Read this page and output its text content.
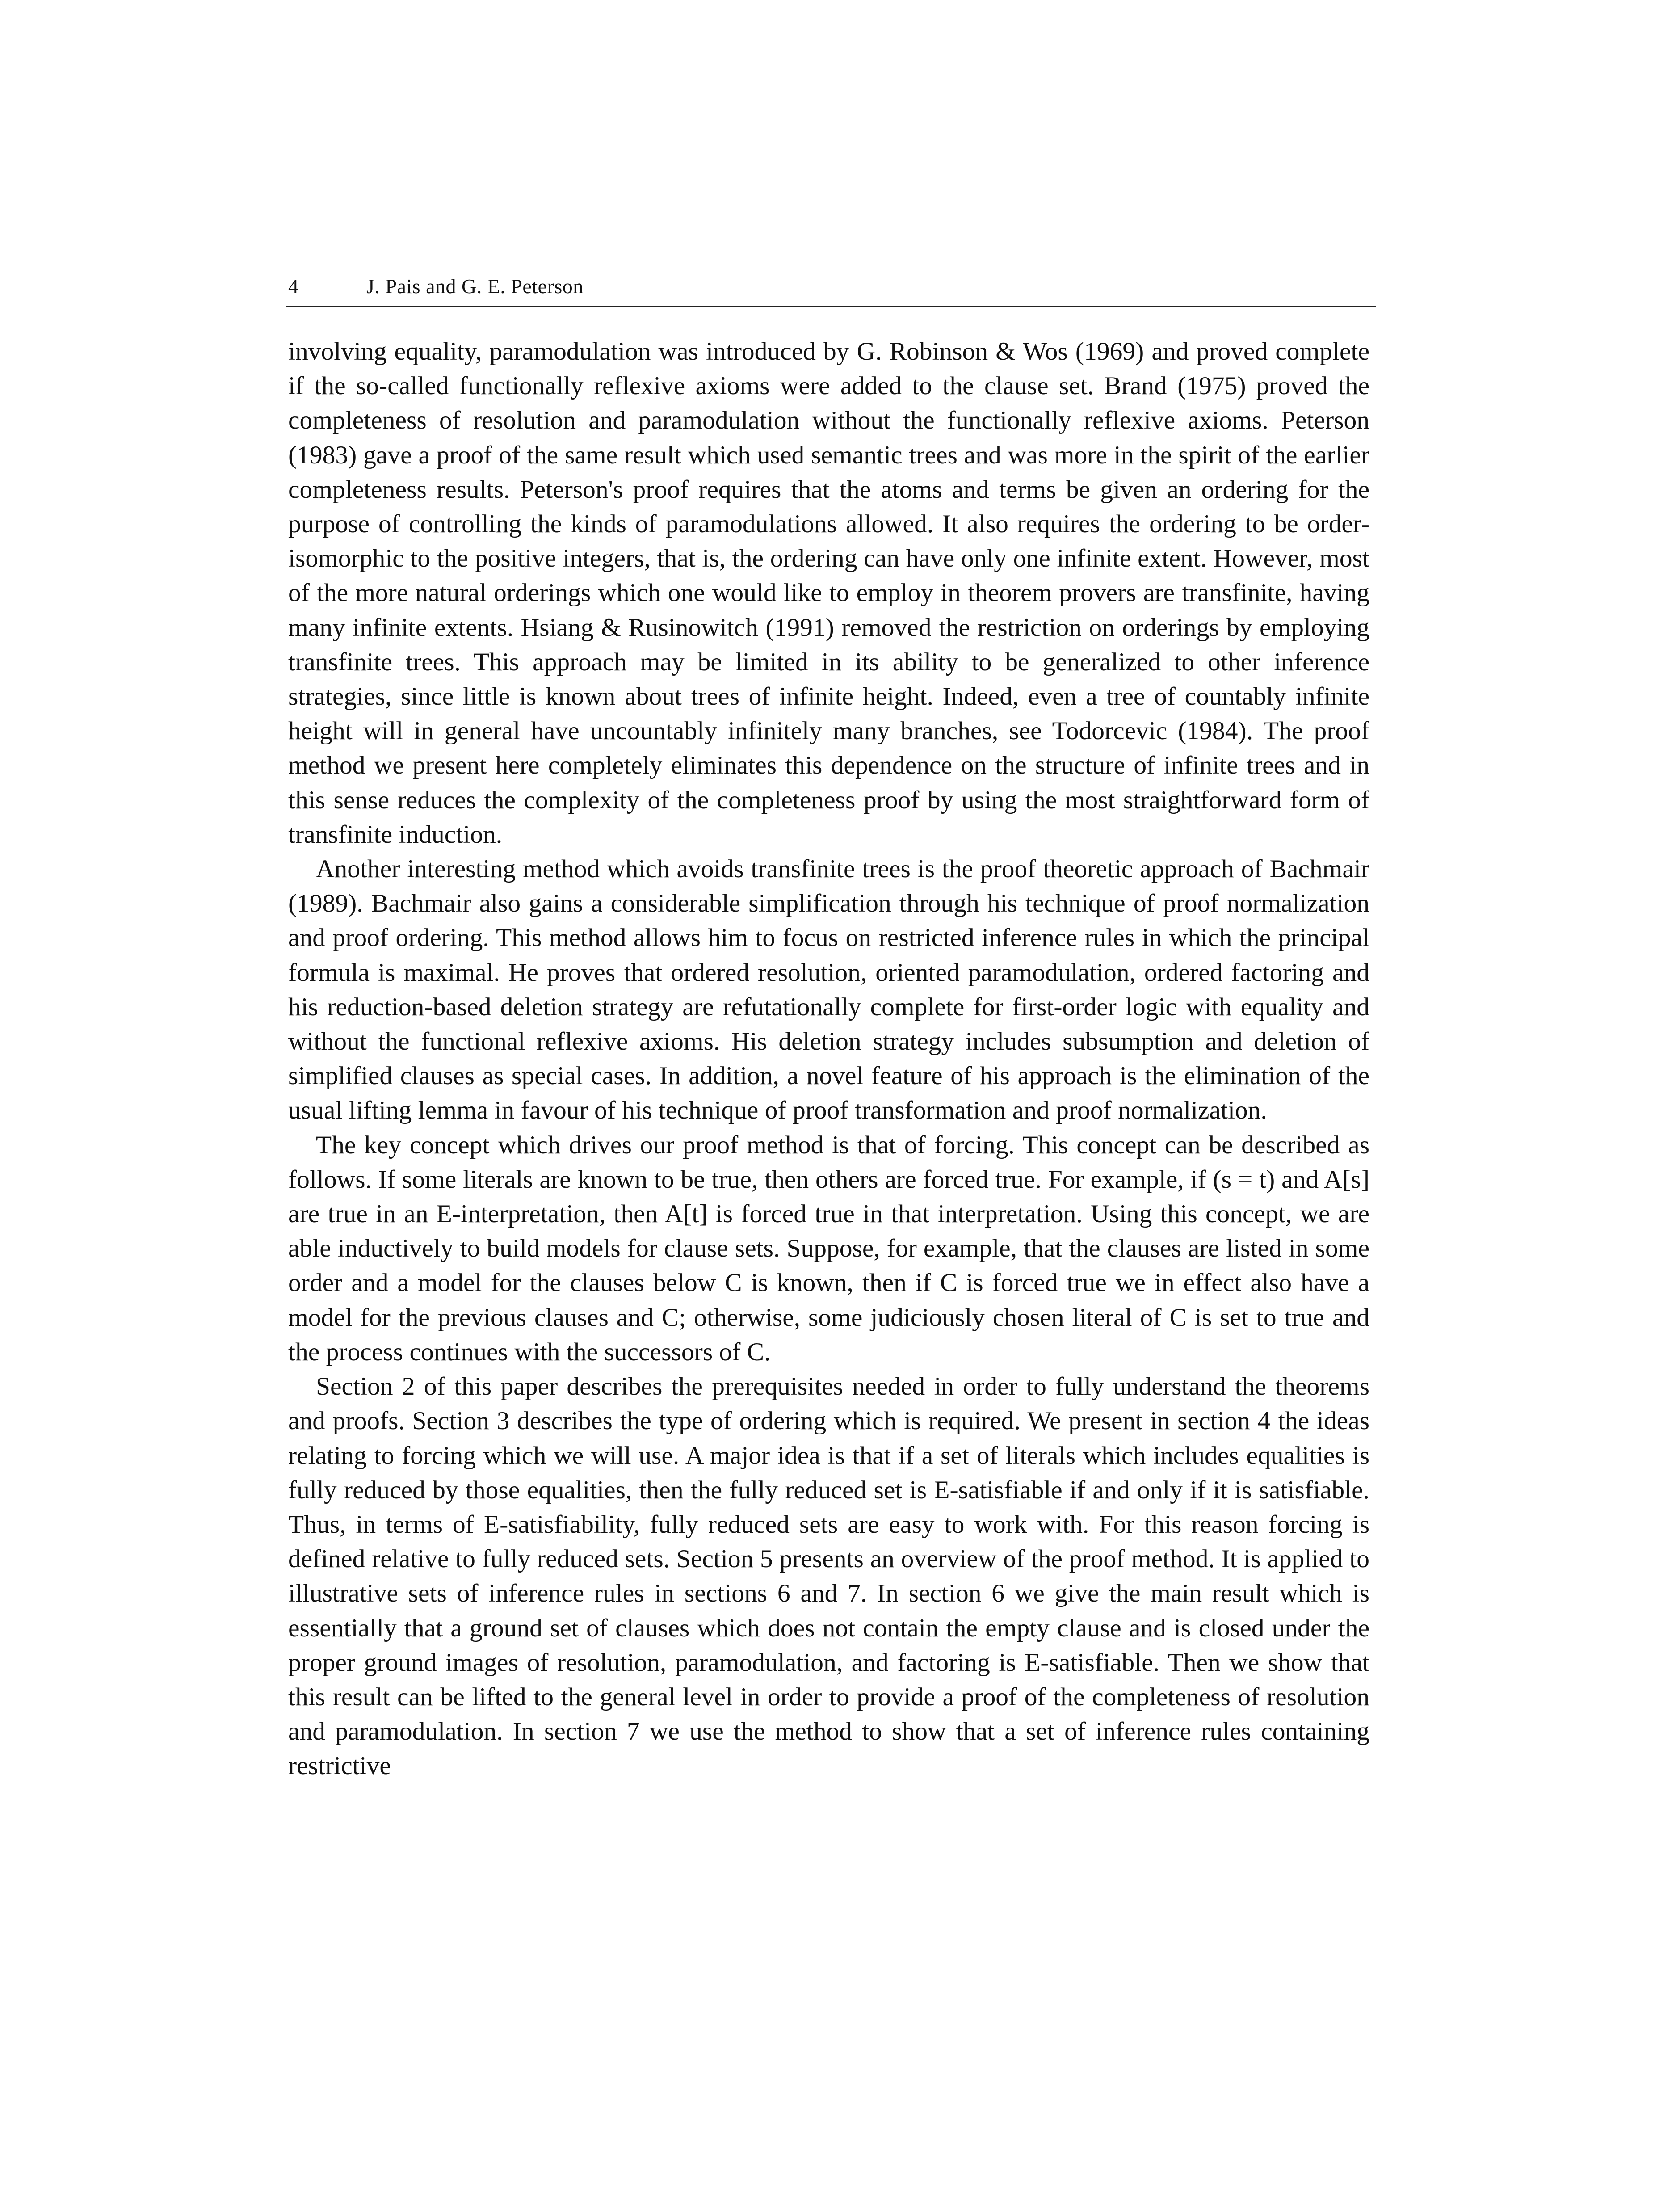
4	J. Pais and G. E. Peterson

involving equality, paramodulation was introduced by G. Robinson & Wos (1969) and proved complete if the so-called functionally reflexive axioms were added to the clause set. Brand (1975) proved the completeness of resolution and paramodulation without the functionally reflexive axioms. Peterson (1983) gave a proof of the same result which used semantic trees and was more in the spirit of the earlier completeness results. Peterson's proof requires that the atoms and terms be given an ordering for the purpose of controlling the kinds of paramodulations allowed. It also requires the ordering to be order-isomorphic to the positive integers, that is, the ordering can have only one infinite extent. However, most of the more natural orderings which one would like to employ in theorem provers are transfinite, having many infinite extents. Hsiang & Rusinowitch (1991) removed the restriction on orderings by employing transfinite trees. This approach may be limited in its ability to be generalized to other inference strategies, since little is known about trees of infinite height. Indeed, even a tree of countably infinite height will in general have uncountably infinitely many branches, see Todorcevic (1984). The proof method we present here completely eliminates this dependence on the structure of infinite trees and in this sense reduces the complexity of the completeness proof by using the most straightforward form of transfinite induction.

Another interesting method which avoids transfinite trees is the proof theoretic approach of Bachmair (1989). Bachmair also gains a considerable simplification through his technique of proof normalization and proof ordering. This method allows him to focus on restricted inference rules in which the principal formula is maximal. He proves that ordered resolution, oriented paramodulation, ordered factoring and his reduction-based deletion strategy are refutationally complete for first-order logic with equality and without the functional reflexive axioms. His deletion strategy includes subsumption and deletion of simplified clauses as special cases. In addition, a novel feature of his approach is the elimination of the usual lifting lemma in favour of his technique of proof transformation and proof normalization.

The key concept which drives our proof method is that of forcing. This concept can be described as follows. If some literals are known to be true, then others are forced true. For example, if (s = t) and A[s] are true in an E-interpretation, then A[t] is forced true in that interpretation. Using this concept, we are able inductively to build models for clause sets. Suppose, for example, that the clauses are listed in some order and a model for the clauses below C is known, then if C is forced true we in effect also have a model for the previous clauses and C; otherwise, some judiciously chosen literal of C is set to true and the process continues with the successors of C.

Section 2 of this paper describes the prerequisites needed in order to fully understand the theorems and proofs. Section 3 describes the type of ordering which is required. We present in section 4 the ideas relating to forcing which we will use. A major idea is that if a set of literals which includes equalities is fully reduced by those equalities, then the fully reduced set is E-satisfiable if and only if it is satisfiable. Thus, in terms of E-satisfiability, fully reduced sets are easy to work with. For this reason forcing is defined relative to fully reduced sets. Section 5 presents an overview of the proof method. It is applied to illustrative sets of inference rules in sections 6 and 7. In section 6 we give the main result which is essentially that a ground set of clauses which does not contain the empty clause and is closed under the proper ground images of resolution, paramodulation, and factoring is E-satisfiable. Then we show that this result can be lifted to the general level in order to provide a proof of the completeness of resolution and paramodulation. In section 7 we use the method to show that a set of inference rules containing restrictive
